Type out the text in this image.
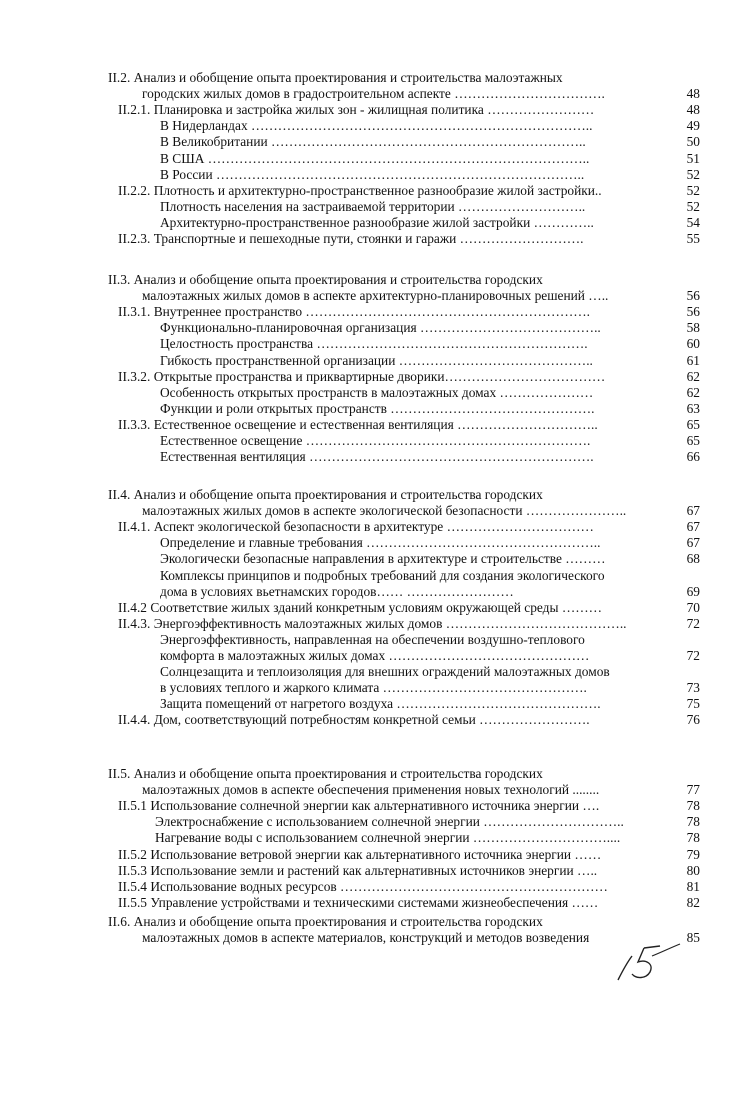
II.2. Анализ и обобщение опыта проектирования и строительства малоэтажных
городских жилых домов в градостроительном аспекте …………………………….	48
II.2.1. Планировка и застройка жилых зон - жилищная политика ……………………	48
В Нидерландах …………………………………………………………………..	49
В Великобритании ……………………………………………………………..	50
В США …………………………………………………………………………..	51
В России ………………………………………………………………………..	52
II.2.2. Плотность и архитектурно-пространственное разнообразие жилой застройки..	52
Плотность населения на застраиваемой территории ………………………..	52
Архитектурно-пространственное разнообразие жилой застройки …………..	54
II.2.3. Транспортные и пешеходные пути, стоянки и гаражи ……………………….	55
II.3. Анализ и обобщение опыта проектирования и строительства городских
малоэтажных жилых домов в аспекте архитектурно-планировочных решений …..	56
II.3.1. Внутреннее пространство ……………………………………………………….	56
Функционально-планировочная организация …………………………………..	58
Целостность пространства …………………………………………………….	60
Гибкость пространственной организации ……………………………………..	61
II.3.2. Открытые пространства и приквартирные дворики………………………………	62
Особенность открытых пространств в малоэтажных домах …………………	62
Функции и роли открытых пространств ……………………………………….	63
II.3.3. Естественное освещение и естественная вентиляция …………………………..	65
Естественное освещение ……………………………………………………….	65
Естественная вентиляция ……………………………………………………….	66
II.4. Анализ и обобщение опыта проектирования и строительства городских
малоэтажных жилых домов в аспекте экологической безопасности …………………..	67
II.4.1. Аспект экологической безопасности в архитектуре ……………………………	67
Определение и главные требования ……………………………………………..	67
Экологически безопасные направления в архитектуре и строительстве ………	68
Комплексы принципов и подробных требований для создания экологического
дома в условиях вьетнамских городов…… ……………………	69
II.4.2 Соответствие жилых зданий конкретным условиям окружающей среды ………	70
II.4.3. Энергоэффективность малоэтажных жилых домов …………………………………..	72
Энергоэффективность, направленная на обеспечении воздушно-теплового
комфорта в малоэтажных жилых домах ………………………………………	72
Солнцезащита и теплоизоляция для внешних ограждений малоэтажных домов
в условиях теплого и жаркого климата ……………………………………….	73
Защита помещений от нагретого воздуха ……………………………………….	75
II.4.4. Дом, соответствующий потребностям конкретной семьи …………………….	76
II.5. Анализ и обобщение опыта проектирования и строительства городских
малоэтажных домов в аспекте обеспечения применения новых технологий ........	77
II.5.1 Использование солнечной энергии как альтернативного источника энергии ….	78
Электроснабжение с использованием солнечной энергии …………………………..	78
Нагревание воды с использованием солнечной энергии …………………………....	78
II.5.2 Использование ветровой энергии как альтернативного источника энергии ……	79
II.5.3 Использование земли и растений как альтернативных источников энергии …..	80
II.5.4 Использование водных ресурсов ……………………………………………………	81
II.5.5 Управление устройствами и техническими системами жизнеобеспечения ……	82
II.6. Анализ и обобщение опыта проектирования и строительства городских
малоэтажных домов в аспекте материалов, конструкций и методов возведения	85
